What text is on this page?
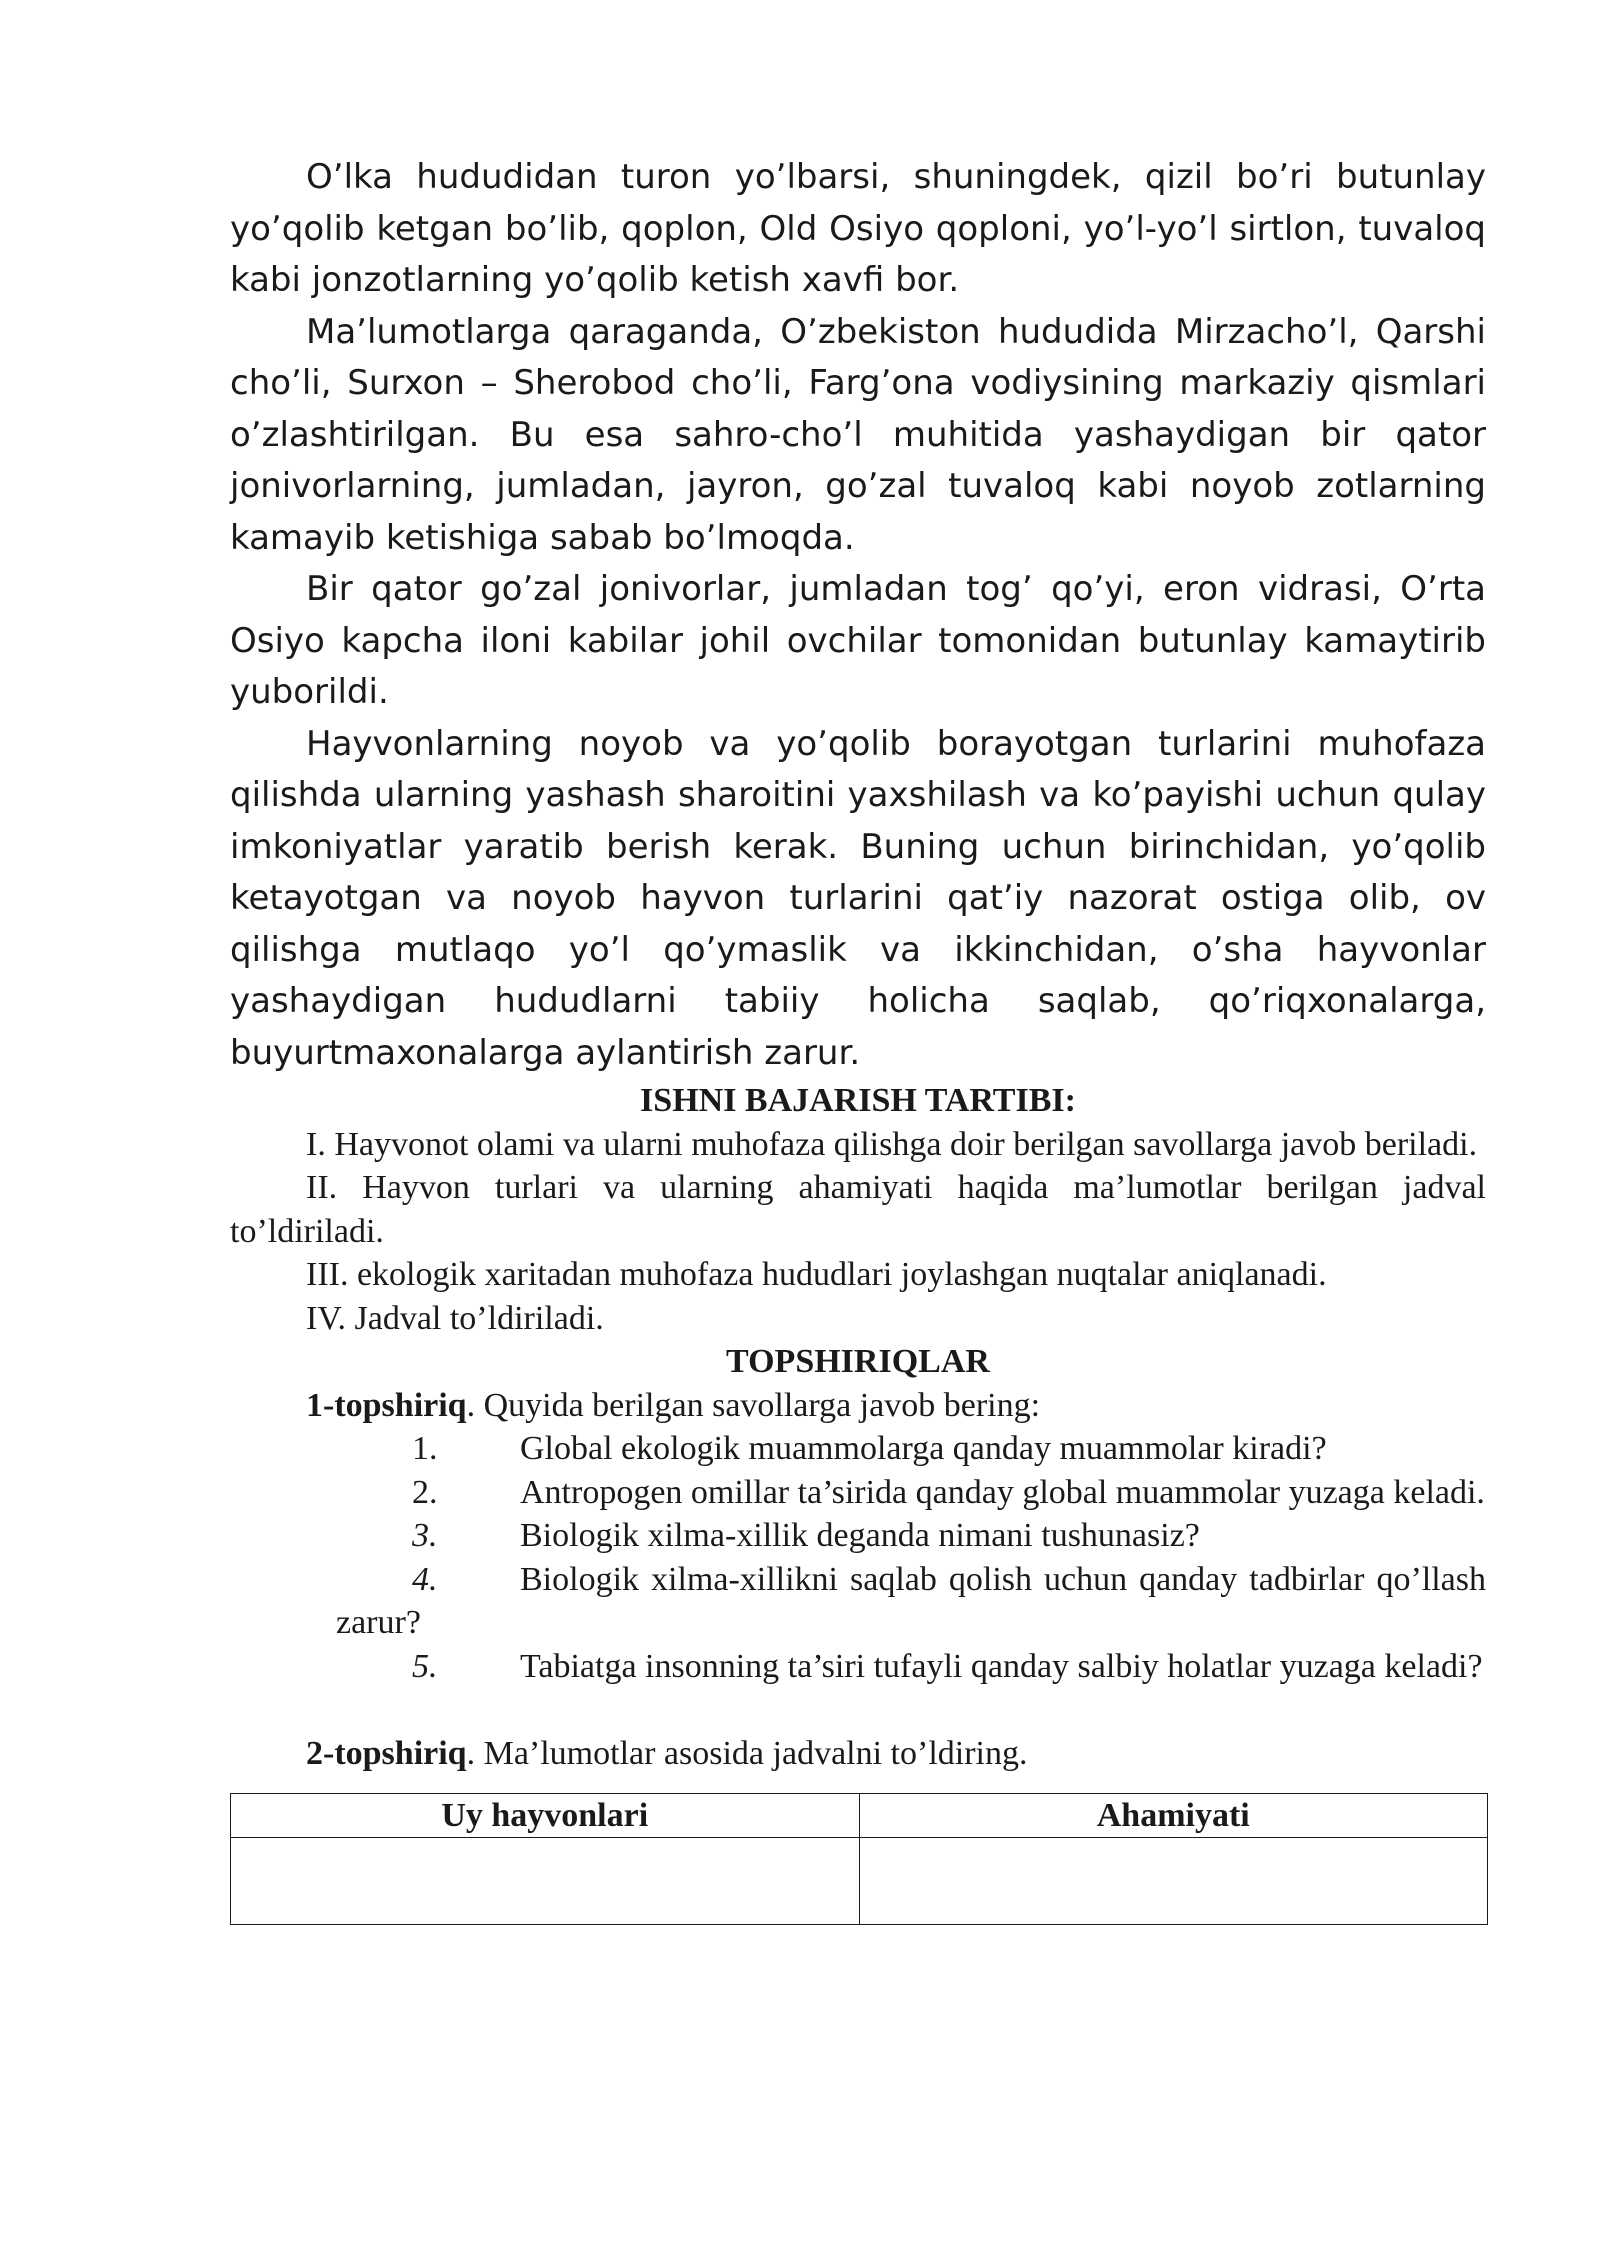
O’lka hududidan turon yo’lbarsi, shuningdek, qizil bo’ri butunlay yo’qolib ketgan bo’lib, qoplon, Old Osiyo qoploni, yo’l-yo’l sirtlon, tuvaloq kabi jonzotlarning yo’qolib ketish xavfi bor.

Ma’lumotlarga qaraganda, O’zbekiston hududida Mirzacho’l, Qarshi cho’li, Surxon – Sherobod cho’li, Farg’ona vodiysining markaziy qismlari o’zlashtirilgan. Bu esa sahro-cho’l muhitida yashaydigan bir qator jonivorlarning, jumladan, jayron, go’zal tuvaloq kabi noyob zotlarning kamayib ketishiga sabab bo’lmoqda.

Bir qator go’zal jonivorlar, jumladan tog’ qo’yi, eron vidrasi, O’rta Osiyo kapcha iloni kabilar johil ovchilar tomonidan butunlay kamaytirib yuborildi.

Hayvonlarning noyob va yo’qolib borayotgan turlarini muhofaza qilishda ularning yashash sharoitini yaxshilash va ko’payishi uchun qulay imkoniyatlar yaratib berish kerak. Buning uchun birinchidan, yo’qolib ketayotgan va noyob hayvon turlarini qat’iy nazorat ostiga olib, ov qilishga mutlaqo yo’l qo’ymaslik va ikkinchidan, o’sha hayvonlar yashaydigan hududlarni tabiiy holicha saqlab, qo’riqxonalarga, buyurtmaxonalarga aylantirish zarur.

ISHNI BAJARISH TARTIBI:

I. Hayvonot olami va ularni muhofaza qilishga doir berilgan savollarga javob beriladi.

II. Hayvon turlari va ularning ahamiyati haqida ma’lumotlar berilgan jadval to’ldiriladi.

III. ekologik xaritadan muhofaza hududlari joylashgan nuqtalar aniqlanadi.

IV. Jadval to’ldiriladi.

TOPSHIRIQLAR

1-topshiriq. Quyida berilgan savollarga javob bering:

1.	Global ekologik muammolarga qanday muammolar kiradi?

2.	Antropogen omillar ta’sirida qanday global muammolar yuzaga keladi.

3.	Biologik xilma-xillik deganda nimani tushunasiz?

4.	Biologik xilma-xillikni saqlab qolish uchun qanday tadbirlar qo’llash zarur?

5.	Tabiatga insonning ta’siri tufayli qanday salbiy holatlar yuzaga keladi?

2-topshiriq. Ma’lumotlar asosida jadvalni to’ldiring.

Uy hayvonlari	Ahamiyati
